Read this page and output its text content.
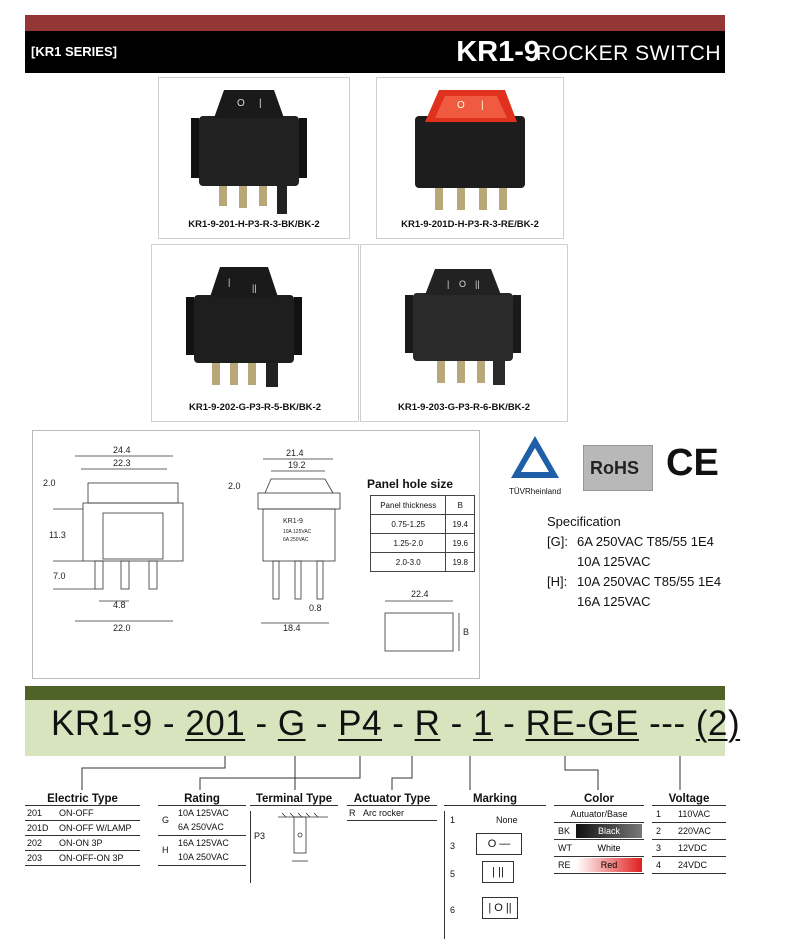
[KR1 SERIES]	KR1-9
ROCKER SWITCH
O |
KR1-9-201-H-P3-R-3-BK/BK-2
O |
KR1-9-201D-H-P3-R-3-RE/BK-2
|
||
KR1-9-202-G-P3-R-5-BK/BK-2
| O ||
KR1-9-203-G-P3-R-6-BK/BK-2
24.4
22.3
2.0
11.3
7.0
4.8
22.0
21.4
19.2
2.0
0.8
18.4
KR1-9
10A 125VAC
6A 250VAC
22.4
B
Panel hole size
Panel thickness	B
0.75-1.25	19.4
1.25-2.0	19.6
2.0-3.0	19.8
TÜVRheinland
RoHS CE
Specification
[G]: 6A 250VAC T85/55 1E4
10A 125VAC
[H]: 10A 250VAC T85/55 1E4
16A 125VAC
KR1-9 - 201 - G - P4 - R - 1 - RE-GE --- (2)
Electric Type
201 ON-OFF
201D ON-OFF W/LAMP
202 ON-ON 3P
203 ON-OFF-ON 3P
Rating
G
10A 125VAC
6A 250VAC
H
16A 125VAC
10A 250VAC
Terminal Type
P3
Actuator Type
R Arc rocker
Marking
1	None
3	O —
5	| ||
6	| O ||
Color
Autuator/Base
BK	Black
WT	White
RE	Red
Voltage
1 110VAC
2 220VAC
3 12VDC
4 24VDC
